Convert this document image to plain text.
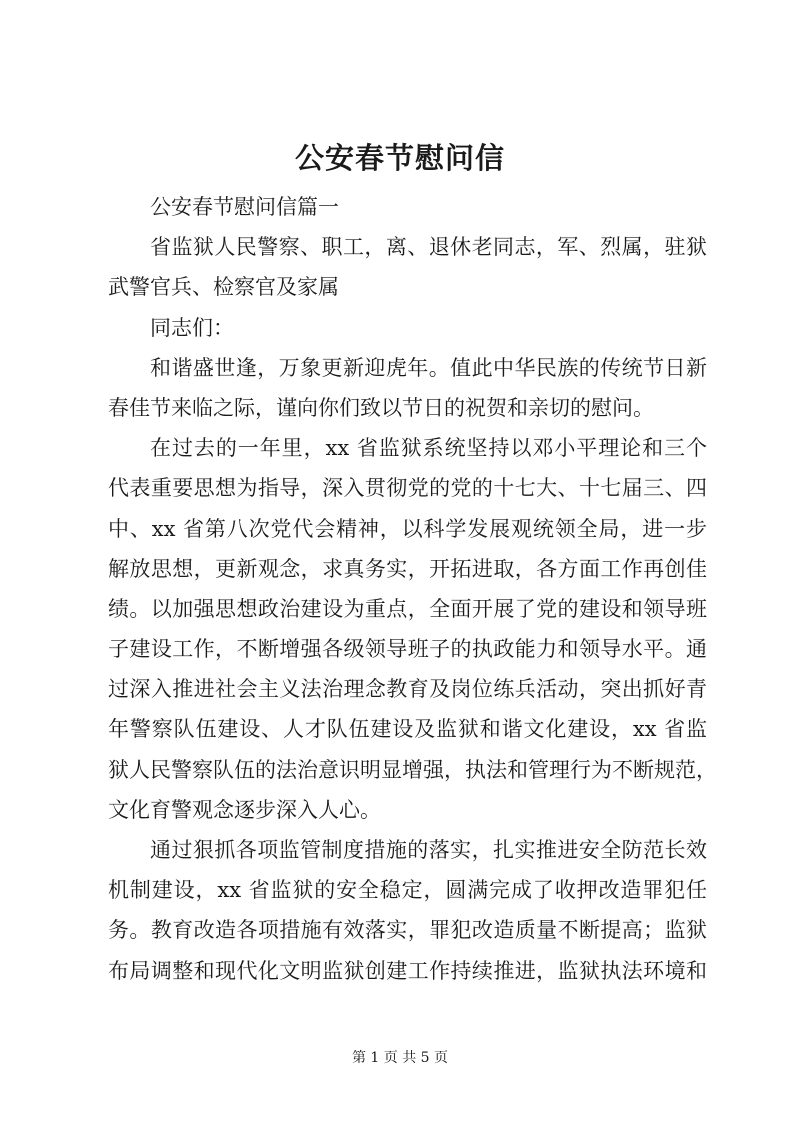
公安春节慰问信
公安春节慰问信篇一
省监狱人民警察、职工，离、退休老同志，军、烈属，驻狱
武警官兵、检察官及家属
同志们：
和谐盛世逢，万象更新迎虎年。值此中华民族的传统节日新
春佳节来临之际，谨向你们致以节日的祝贺和亲切的慰问。
在过去的一年里，xx 省监狱系统坚持以邓小平理论和三个
代表重要思想为指导，深入贯彻党的党的十七大、十七届三、四
中、xx 省第八次党代会精神，以科学发展观统领全局，进一步
解放思想，更新观念，求真务实，开拓进取，各方面工作再创佳
绩。以加强思想政治建设为重点，全面开展了党的建设和领导班
子建设工作，不断增强各级领导班子的执政能力和领导水平。通
过深入推进社会主义法治理念教育及岗位练兵活动，突出抓好青
年警察队伍建设、人才队伍建设及监狱和谐文化建设，xx 省监
狱人民警察队伍的法治意识明显增强，执法和管理行为不断规范，
文化育警观念逐步深入人心。
通过狠抓各项监管制度措施的落实，扎实推进安全防范长效
机制建设，xx 省监狱的安全稳定，圆满完成了收押改造罪犯任
务。教育改造各项措施有效落实，罪犯改造质量不断提高；监狱
布局调整和现代化文明监狱创建工作持续推进，监狱执法环境和
第 1 页 共 5 页
